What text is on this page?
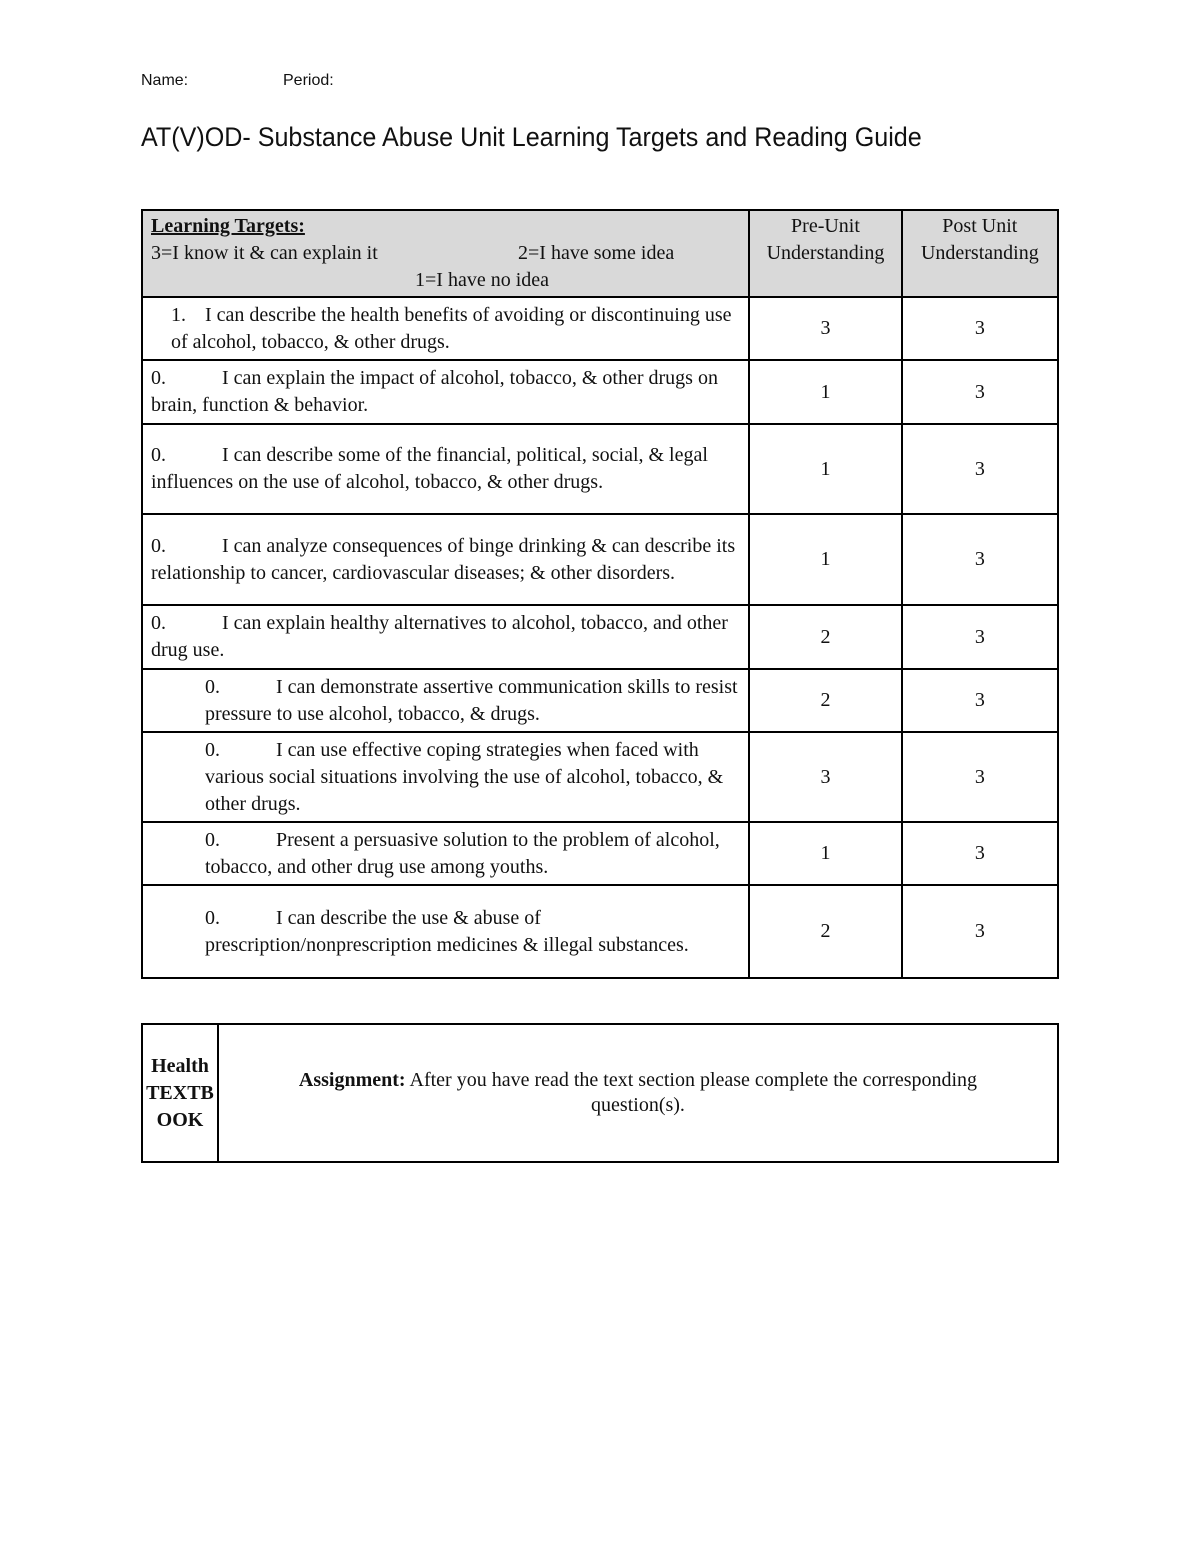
Name:	Period:
AT(V)OD- Substance Abuse Unit Learning Targets and Reading Guide
Learning Targets:
3=I know it & can explain it 2=I have some idea
1=I have no idea	Pre-Unit Understanding	Post Unit Understanding
1. I can describe the health benefits of avoiding or discontinuing use of alcohol, tobacco, & other drugs.	3	3
0. I can explain the impact of alcohol, tobacco, & other drugs on brain, function & behavior.	1	3
0. I can describe some of the financial, political, social, & legal influences on the use of alcohol, tobacco, & other drugs.	1	3
0. I can analyze consequences of binge drinking & can describe its relationship to cancer, cardiovascular diseases; & other disorders.	1	3
0. I can explain healthy alternatives to alcohol, tobacco, and other drug use.	2	3
0. I can demonstrate assertive communication skills to resist pressure to use alcohol, tobacco, & drugs.	2	3
0. I can use effective coping strategies when faced with various social situations involving the use of alcohol, tobacco, & other drugs.	3	3
0. Present a persuasive solution to the problem of alcohol, tobacco, and other drug use among youths.	1	3
0. I can describe the use & abuse of prescription/nonprescription medicines & illegal substances.	2	3
Health TEXTBOOK	Assignment: After you have read the text section please complete the corresponding question(s).
